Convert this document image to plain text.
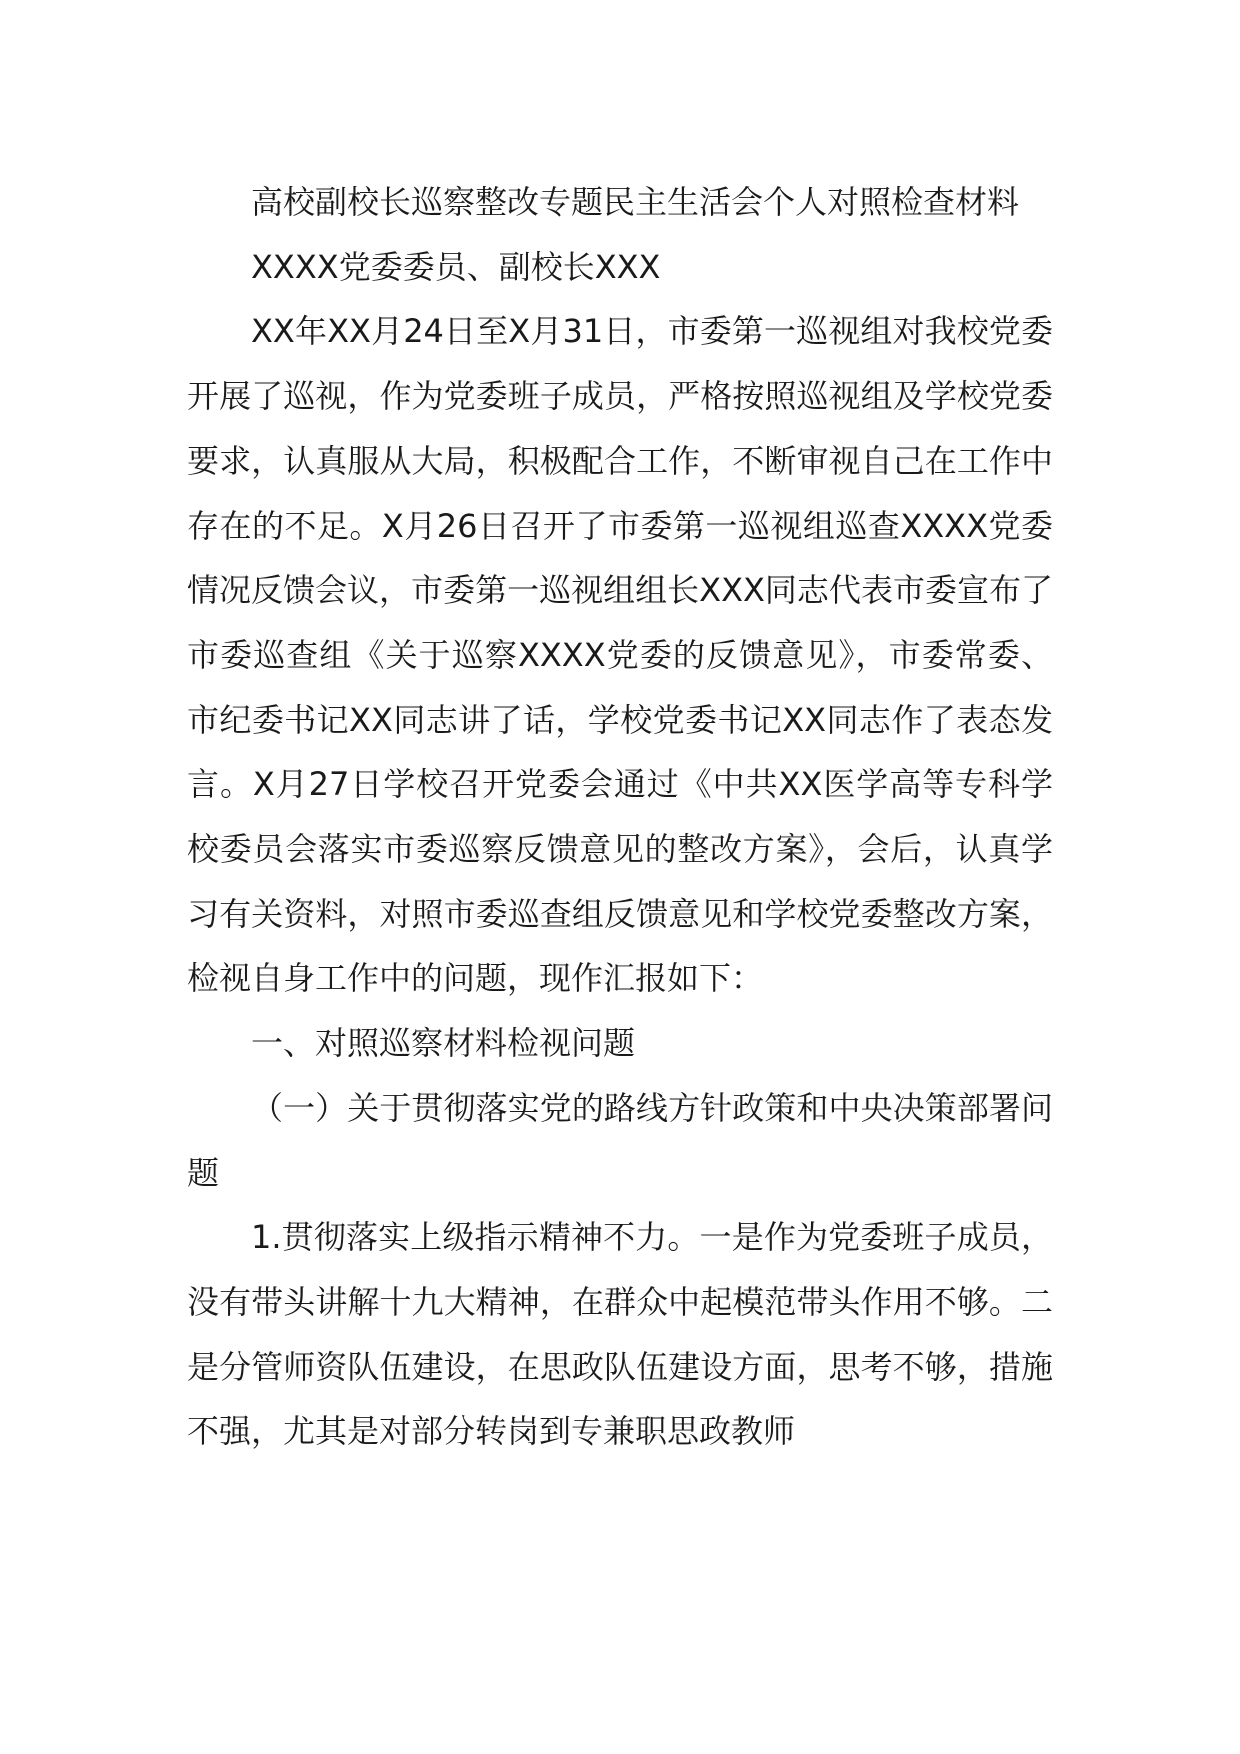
高校副校长巡察整改专题民主生活会个人对照检查材料

XXXX党委委员、副校长XXX

XX年XX月24日至X月31日，市委第一巡视组对我校党委开展了巡视，作为党委班子成员，严格按照巡视组及学校党委要求，认真服从大局，积极配合工作，不断审视自己在工作中存在的不足。X月26日召开了市委第一巡视组巡查XXXX党委情况反馈会议，市委第一巡视组组长XXX同志代表市委宣布了市委巡查组《关于巡察XXXX党委的反馈意见》，市委常委、市纪委书记XX同志讲了话，学校党委书记XX同志作了表态发言。X月27日学校召开党委会通过《中共XX医学高等专科学校委员会落实市委巡察反馈意见的整改方案》，会后，认真学习有关资料，对照市委巡查组反馈意见和学校党委整改方案，检视自身工作中的问题，现作汇报如下：

一、对照巡察材料检视问题

（一）关于贯彻落实党的路线方针政策和中央决策部署问题

1.贯彻落实上级指示精神不力。一是作为党委班子成员，没有带头讲解十九大精神，在群众中起模范带头作用不够。二是分管师资队伍建设，在思政队伍建设方面，思考不够，措施不强，尤其是对部分转岗到专兼职思政教师
